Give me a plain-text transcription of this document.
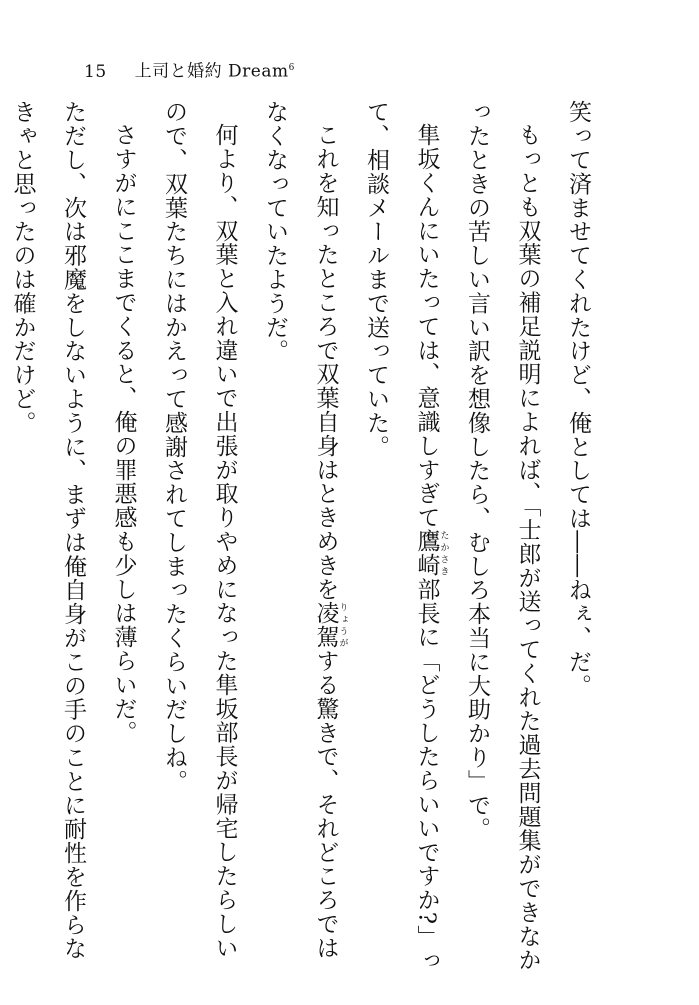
15 上司と婚約 Dream$^6$

笑って済ませてくれたけど、俺としては――ねぇ、だ。

もっとも双葉の補足説明によれば、「士郎が送ってくれた過去問題集ができなかったときの苦しい言い訳を想像したら、むしろ本当に大助かり」で。

隼坂くんにいたっては、意識しすぎて鷹崎 たかさき部長に「どうしたらいいですか?」って、相談メールまで送っていた。

これを知ったところで双葉自身はときめきを凌駕 りょうがする驚きで、それどころではなくなっていたようだ。

何より、双葉と入れ違いで出張が取りやめになった隼坂部長が帰宅したらしいので、双葉たちにはかえって感謝されてしまったくらいだしね。

さすがにここまでくると、俺の罪悪感も少しは薄らいだ。

ただし、次は邪魔をしないように、まずは俺自身がこの手のことに耐性を作らなきゃと思ったのは確かだけど。
